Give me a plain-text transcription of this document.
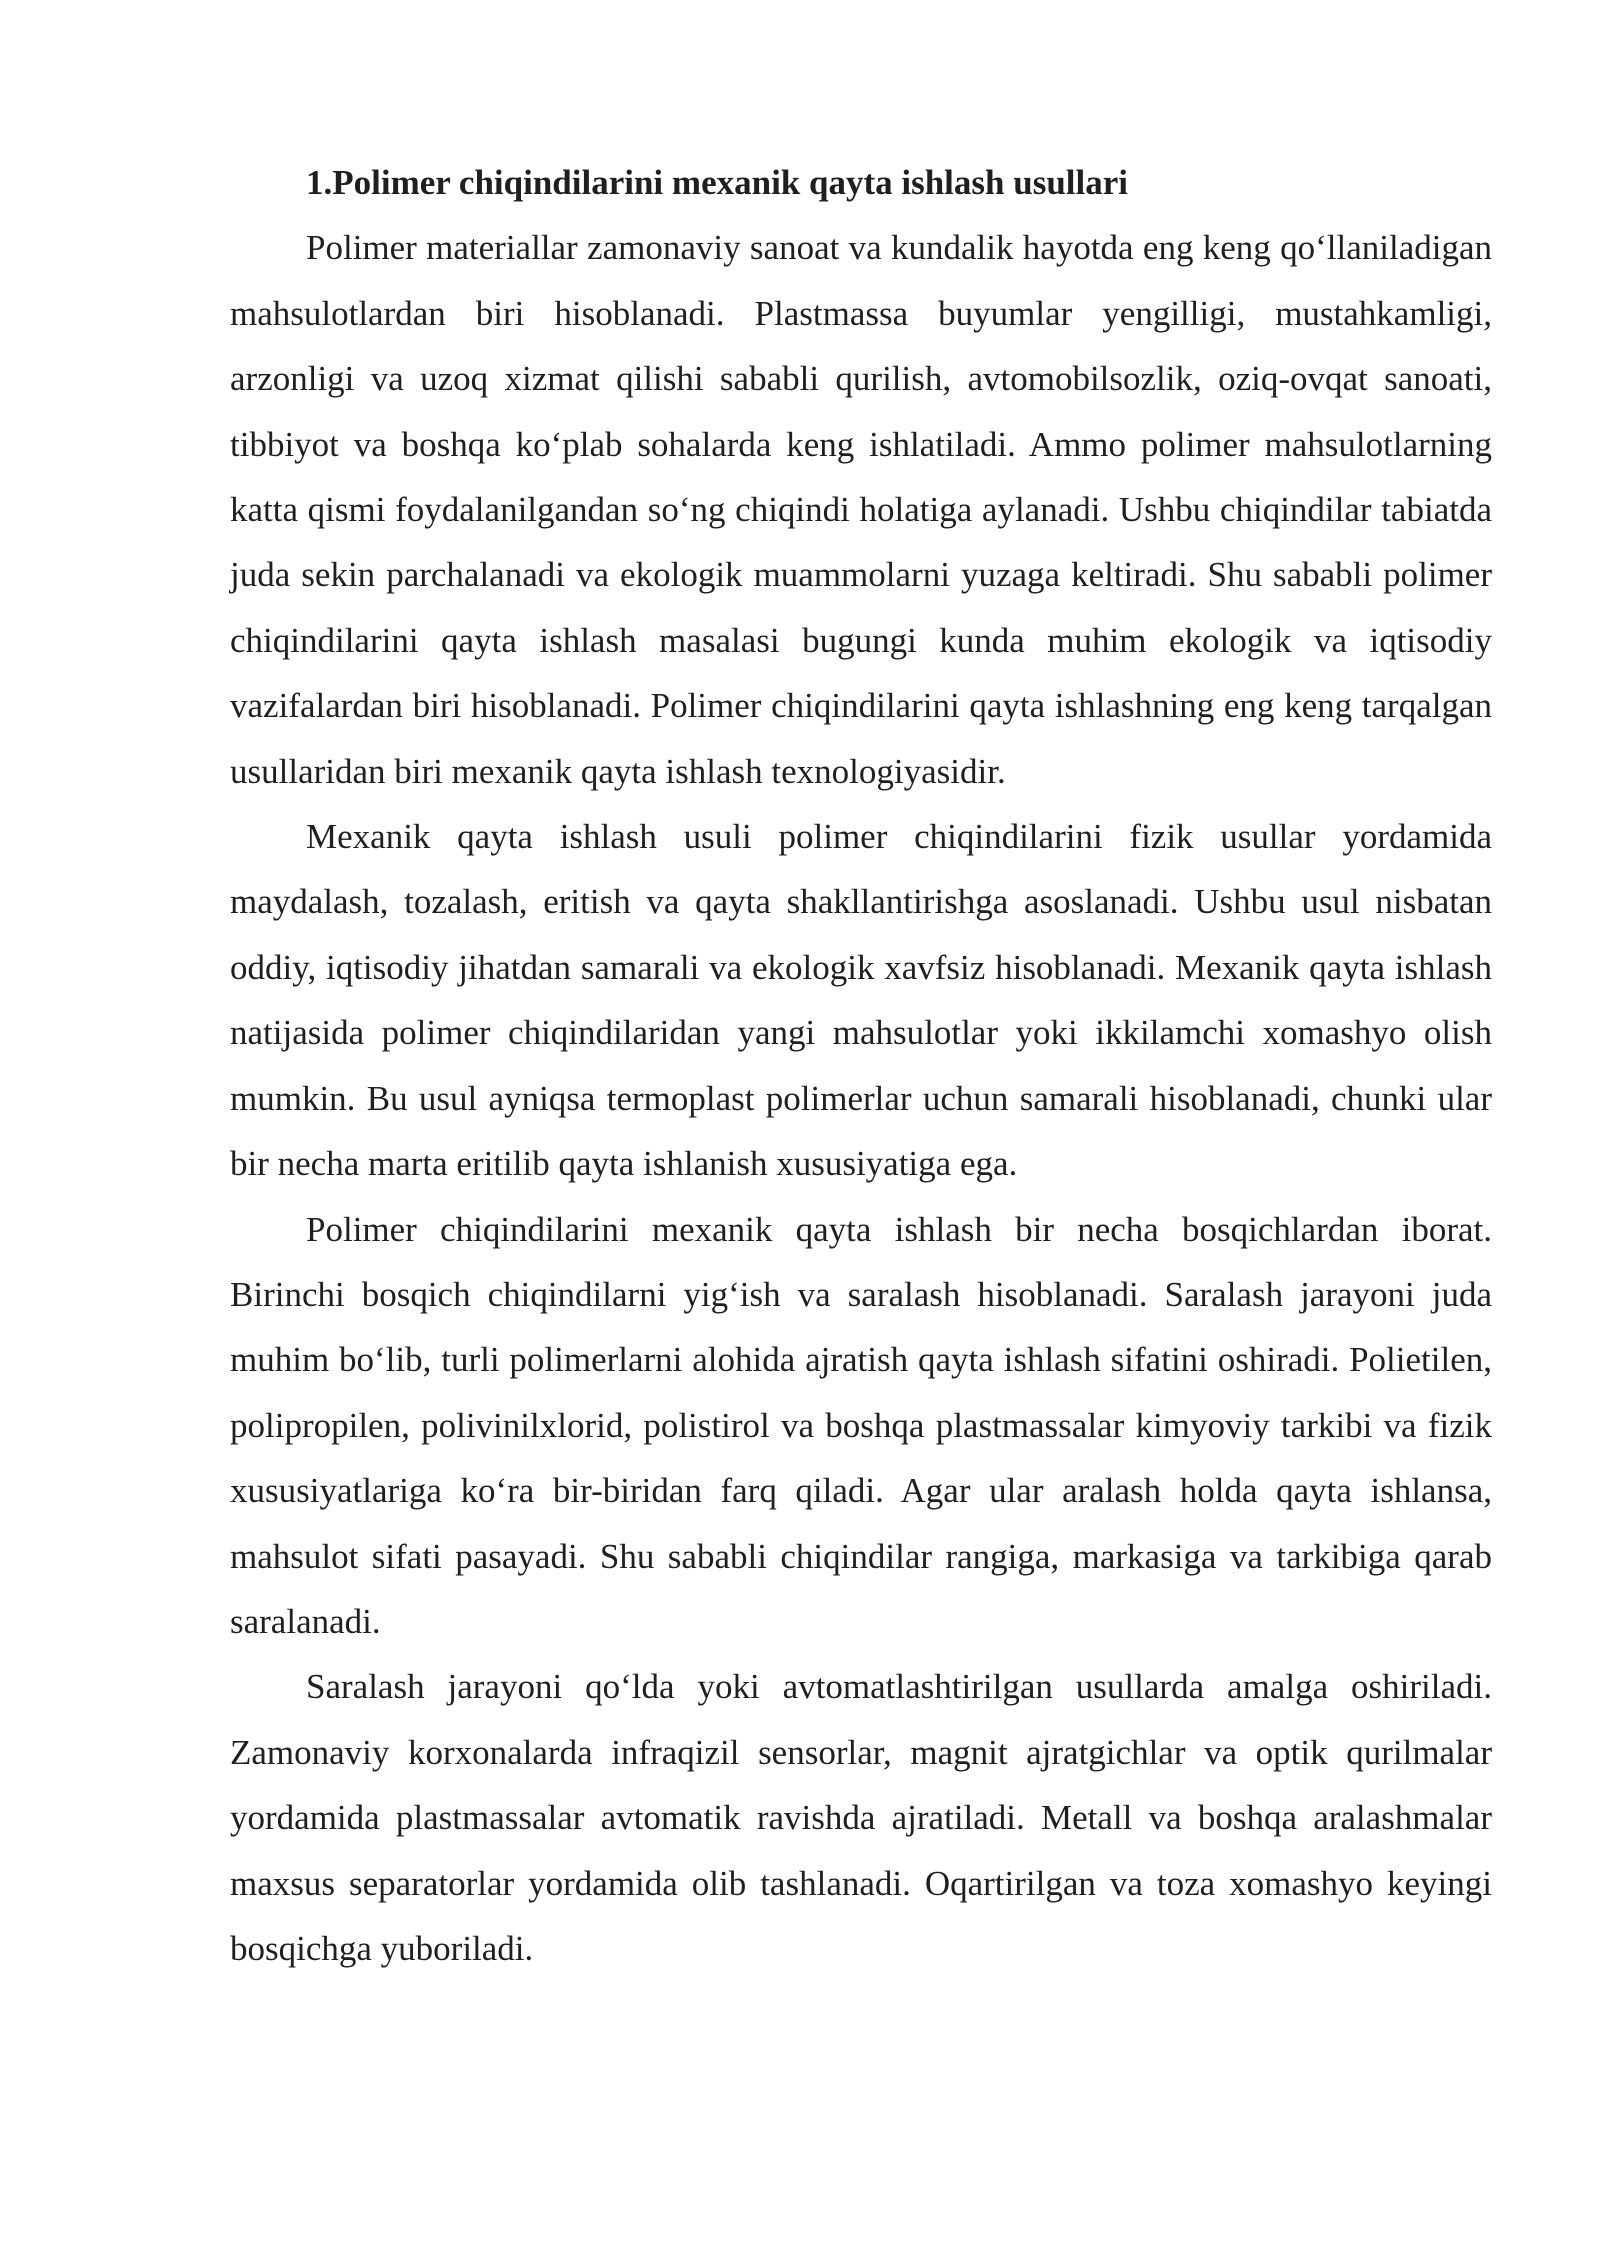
1.Polimer chiqindilarini mexanik qayta ishlash usullari

Polimer materiallar zamonaviy sanoat va kundalik hayotda eng keng qo‘llaniladigan mahsulotlardan biri hisoblanadi. Plastmassa buyumlar yengilligi, mustahkamligi, arzonligi va uzoq xizmat qilishi sababli qurilish, avtomobilsozlik, oziq-ovqat sanoati, tibbiyot va boshqa ko‘plab sohalarda keng ishlatiladi. Ammo polimer mahsulotlarning katta qismi foydalanilgandan so‘ng chiqindi holatiga aylanadi. Ushbu chiqindilar tabiatda juda sekin parchalanadi va ekologik muammolarni yuzaga keltiradi. Shu sababli polimer chiqindilarini qayta ishlash masalasi bugungi kunda muhim ekologik va iqtisodiy vazifalardan biri hisoblanadi. Polimer chiqindilarini qayta ishlashning eng keng tarqalgan usullaridan biri mexanik qayta ishlash texnologiyasidir.

Mexanik qayta ishlash usuli polimer chiqindilarini fizik usullar yordamida maydalash, tozalash, eritish va qayta shakllantirishga asoslanadi. Ushbu usul nisbatan oddiy, iqtisodiy jihatdan samarali va ekologik xavfsiz hisoblanadi. Mexanik qayta ishlash natijasida polimer chiqindilaridan yangi mahsulotlar yoki ikkilamchi xomashyo olish mumkin. Bu usul ayniqsa termoplast polimerlar uchun samarali hisoblanadi, chunki ular bir necha marta eritilib qayta ishlanish xususiyatiga ega.

Polimer chiqindilarini mexanik qayta ishlash bir necha bosqichlardan iborat. Birinchi bosqich chiqindilarni yig‘ish va saralash hisoblanadi. Saralash jarayoni juda muhim bo‘lib, turli polimerlarni alohida ajratish qayta ishlash sifatini oshiradi. Polietilen, polipropilen, polivinilxlorid, polistirol va boshqa plastmassalar kimyoviy tarkibi va fizik xususiyatlariga ko‘ra bir-biridan farq qiladi. Agar ular aralash holda qayta ishlansa, mahsulot sifati pasayadi. Shu sababli chiqindilar rangiga, markasiga va tarkibiga qarab saralanadi.

Saralash jarayoni qo‘lda yoki avtomatlashtirilgan usullarda amalga oshiriladi. Zamonaviy korxonalarda infraqizil sensorlar, magnit ajratgichlar va optik qurilmalar yordamida plastmassalar avtomatik ravishda ajratiladi. Metall va boshqa aralashmalar maxsus separatorlar yordamida olib tashlanadi. Oqartirilgan va toza xomashyo keyingi bosqichga yuboriladi.
